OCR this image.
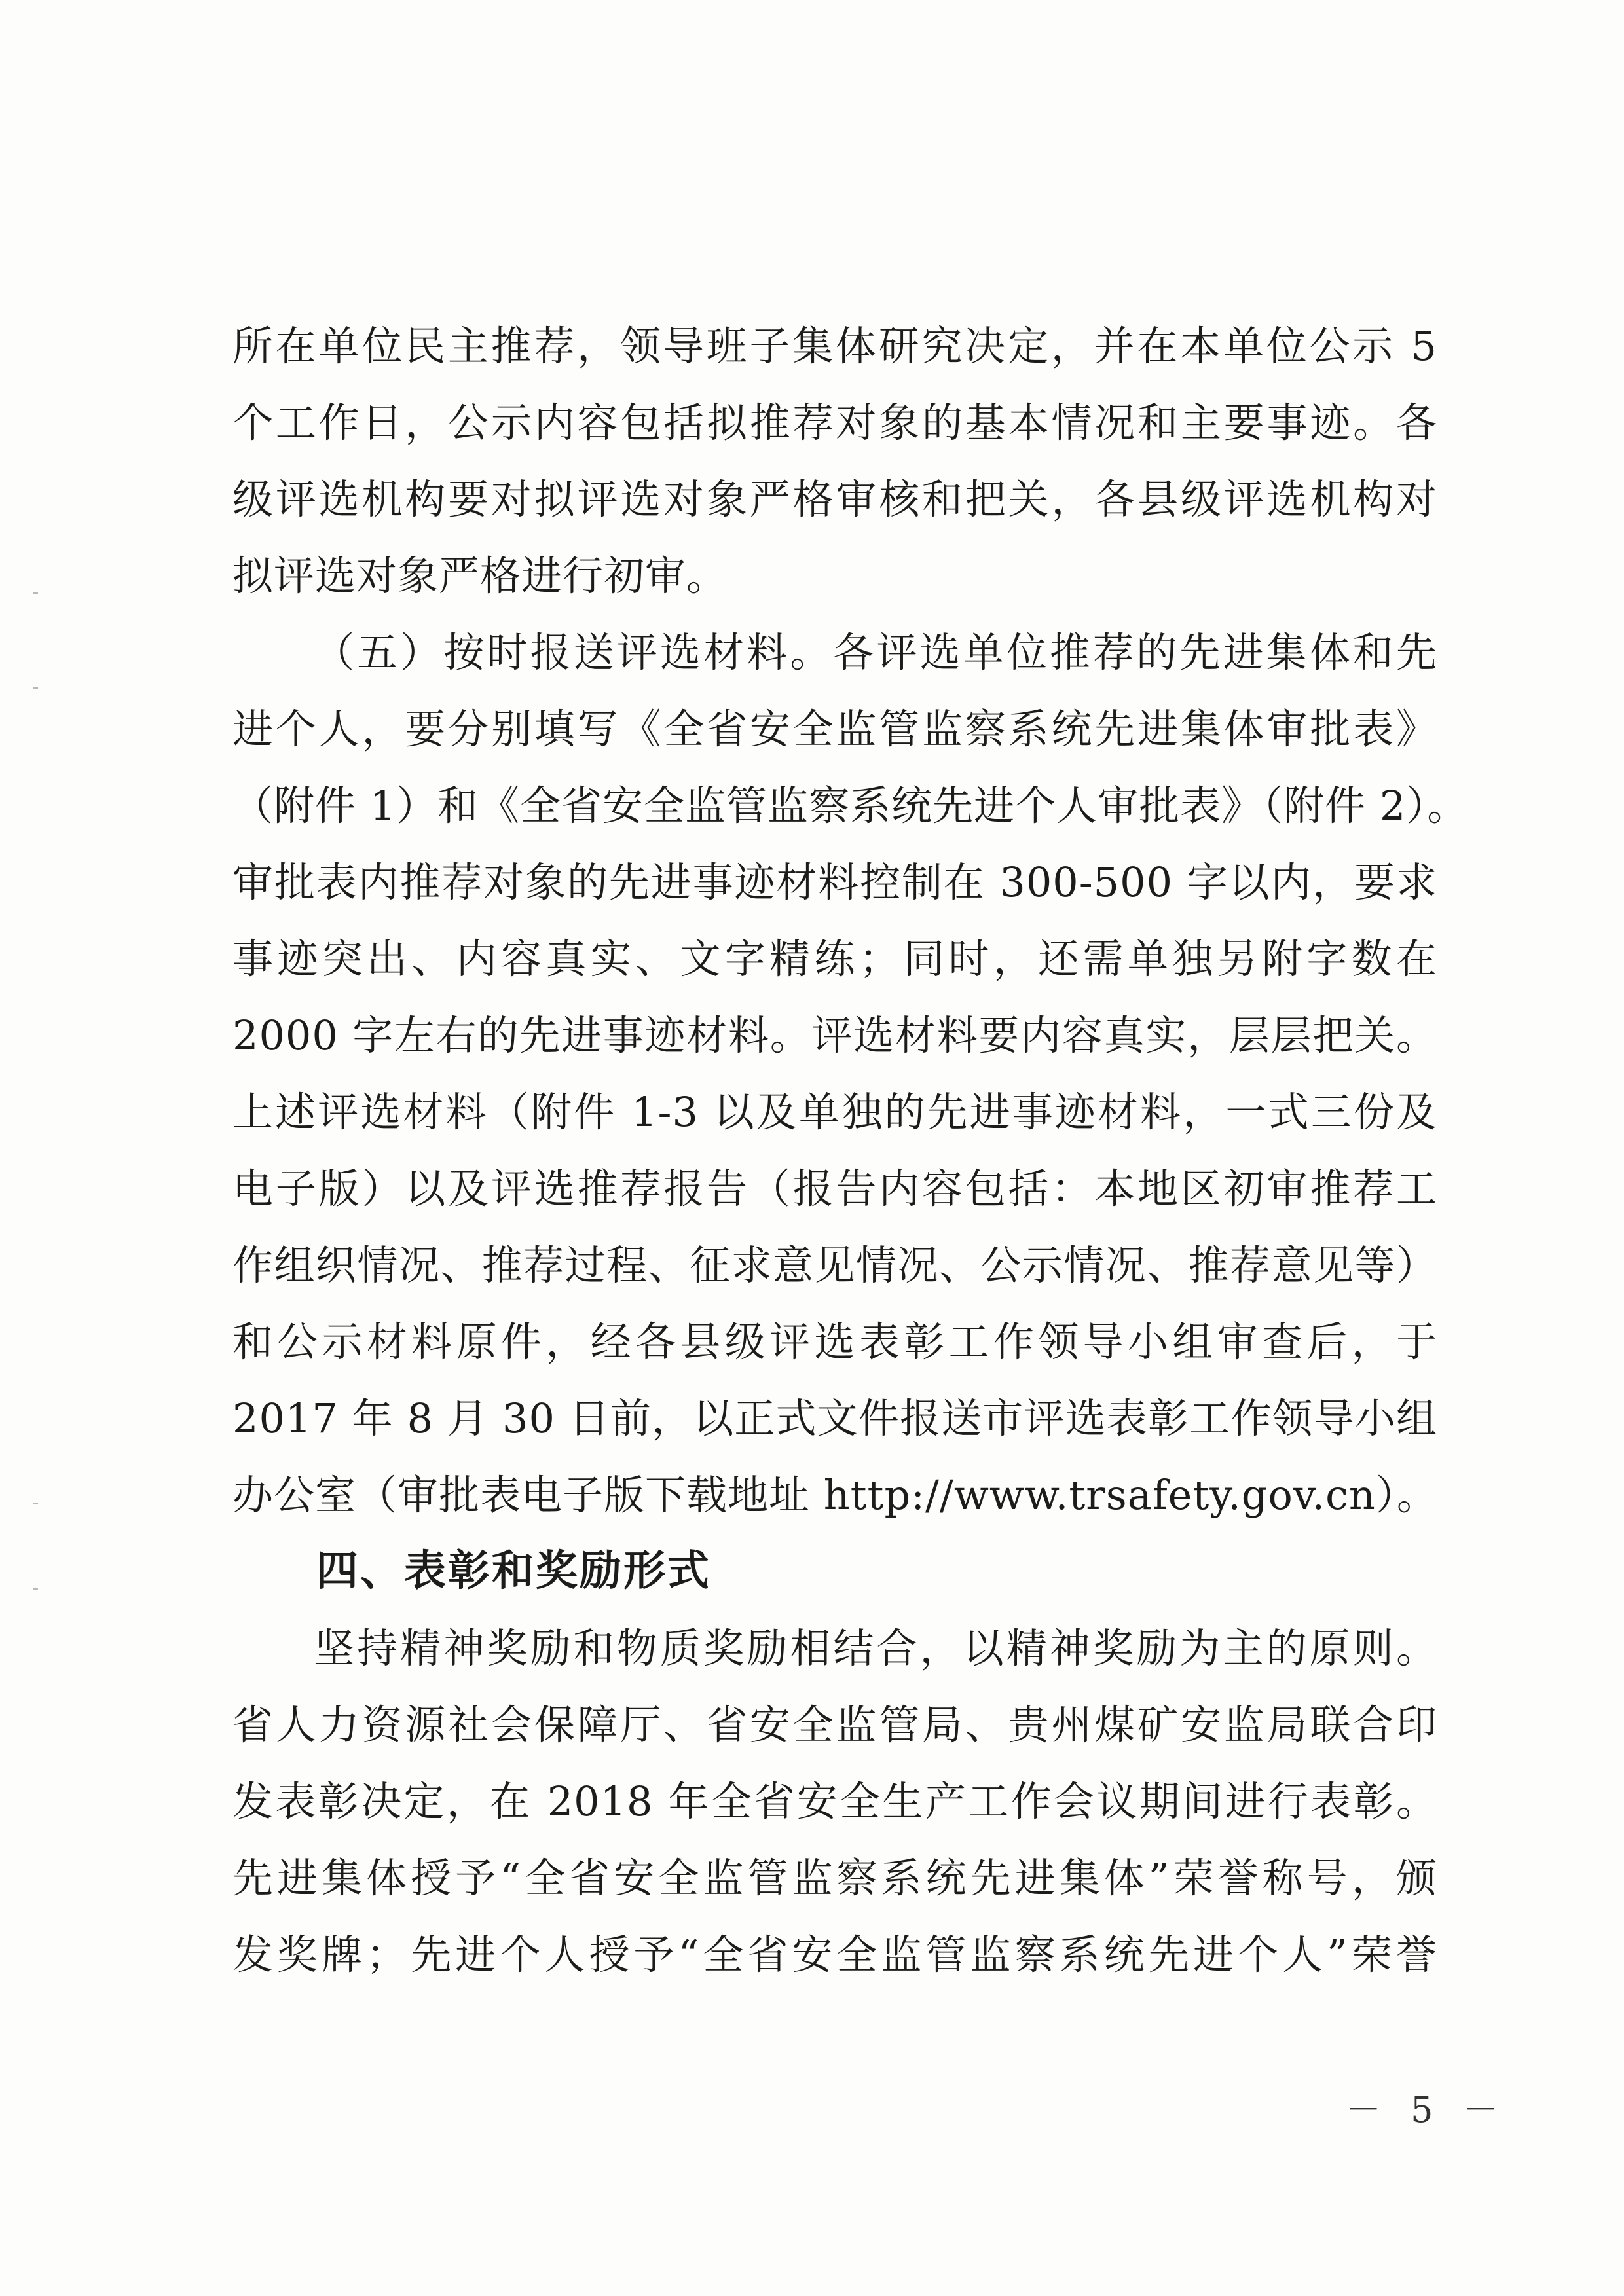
所在单位民主推荐，领导班子集体研究决定，并在本单位公示 5
个工作日，公示内容包括拟推荐对象的基本情况和主要事迹。各
级评选机构要对拟评选对象严格审核和把关，各县级评选机构对
拟评选对象严格进行初审。
（五）按时报送评选材料。各评选单位推荐的先进集体和先
进个人，要分别填写《全省安全监管监察系统先进集体审批表》
（附件 1）和《全省安全监管监察系统先进个人审批表》（附件 2）。
审批表内推荐对象的先进事迹材料控制在 300-500 字以内，要求
事迹突出、内容真实、文字精练；同时，还需单独另附字数在
2000 字左右的先进事迹材料。评选材料要内容真实，层层把关。
上述评选材料（附件 1-3 以及单独的先进事迹材料，一式三份及
电子版）以及评选推荐报告（报告内容包括：本地区初审推荐工
作组织情况、推荐过程、征求意见情况、公示情况、推荐意见等）
和公示材料原件，经各县级评选表彰工作领导小组审查后，于
2017 年 8 月 30 日前，以正式文件报送市评选表彰工作领导小组
办公室（审批表电子版下载地址 http://www.trsafety.gov.cn）。
四、表彰和奖励形式
坚持精神奖励和物质奖励相结合，以精神奖励为主的原则。
省人力资源社会保障厅、省安全监管局、贵州煤矿安监局联合印
发表彰决定，在 2018 年全省安全生产工作会议期间进行表彰。
先进集体授予“全省安全监管监察系统先进集体”荣誉称号，颁
发奖牌；先进个人授予“全省安全监管监察系统先进个人”荣誉
－ 5 －
